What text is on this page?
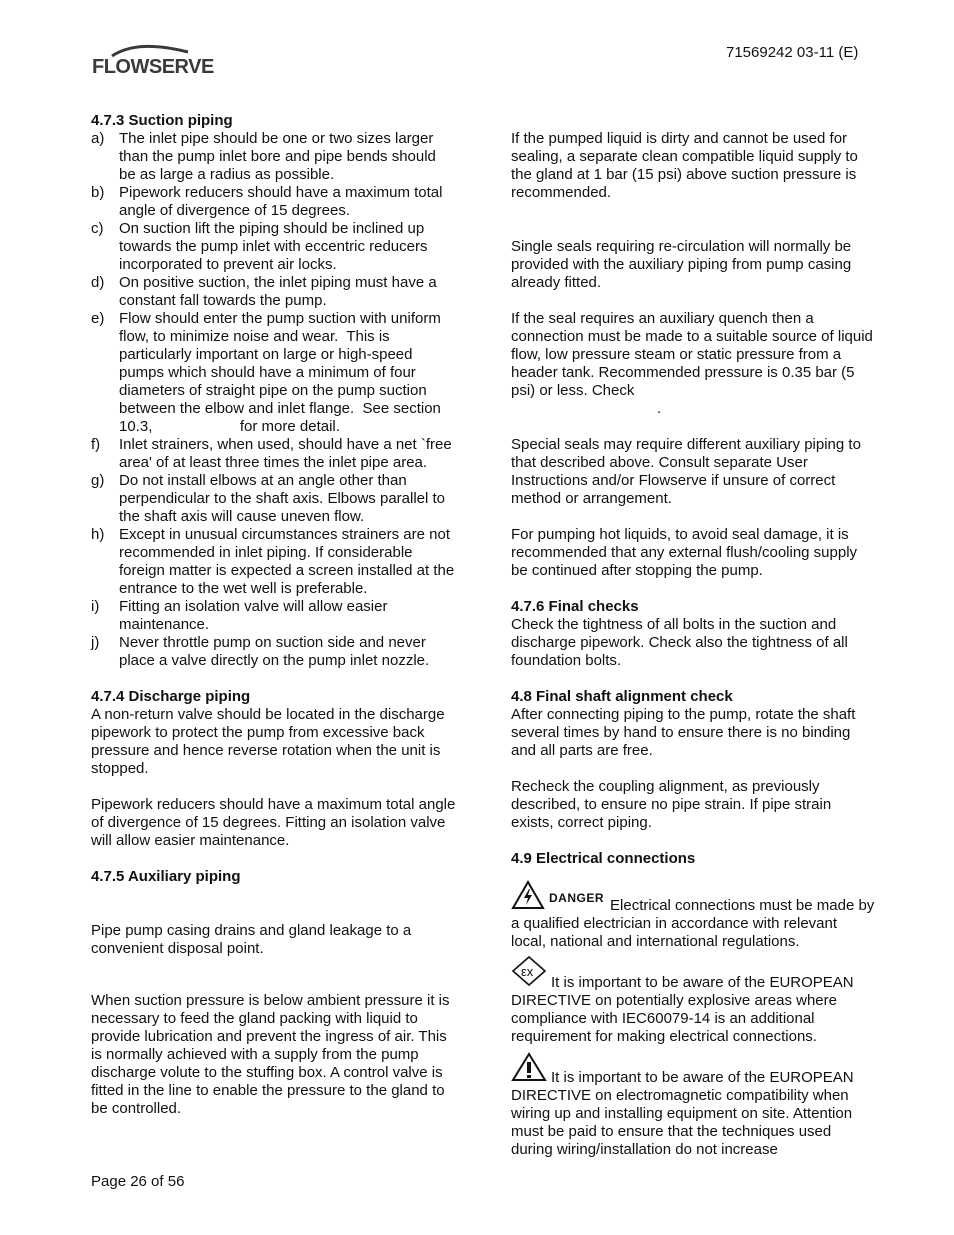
FLOWSERVE
71569242 03-11 (E)
4.7.3 Suction piping
a) The inlet pipe should be one or two sizes larger than the pump inlet bore and pipe bends should be as large a radius as possible.
b) Pipework reducers should have a maximum total angle of divergence of 15 degrees.
c) On suction lift the piping should be inclined up towards the pump inlet with eccentric reducers incorporated to prevent air locks.
d) On positive suction, the inlet piping must have a constant fall towards the pump.
e) Flow should enter the pump suction with uniform flow, to minimize noise and wear.  This is particularly important on large or high-speed pumps which should have a minimum of four diameters of straight pipe on the pump suction between the elbow and inlet flange.  See section 10.3,                     for more detail.
f) Inlet strainers, when used, should have a net `free area' of at least three times the inlet pipe area.
g) Do not install elbows at an angle other than perpendicular to the shaft axis. Elbows parallel to the shaft axis will cause uneven flow.
h) Except in unusual circumstances strainers are not recommended in inlet piping. If considerable foreign matter is expected a screen installed at the entrance to the wet well is preferable.
i) Fitting an isolation valve will allow easier maintenance.
j) Never throttle pump on suction side and never place a valve directly on the pump inlet nozzle.
4.7.4 Discharge piping

A non-return valve should be located in the discharge pipework to protect the pump from excessive back pressure and hence reverse rotation when the unit is stopped.

Pipework reducers should have a maximum total angle of divergence of 15 degrees. Fitting an isolation valve will allow easier maintenance.

4.7.5 Auxiliary piping

Pipe pump casing drains and gland leakage to a convenient disposal point.

When suction pressure is below ambient pressure it is necessary to feed the gland packing with liquid to provide lubrication and prevent the ingress of air. This is normally achieved with a supply from the pump discharge volute to the stuffing box. A control valve is fitted in the line to enable the pressure to the gland to be controlled.

If the pumped liquid is dirty and cannot be used for sealing, a separate clean compatible liquid supply to the gland at 1 bar (15 psi) above suction pressure is recommended.

Single seals requiring re-circulation will normally be provided with the auxiliary piping from pump casing already fitted.

If the seal requires an auxiliary quench then a connection must be made to a suitable source of liquid flow, low pressure steam or static pressure from a header tank. Recommended pressure is 0.35 bar (5 psi) or less. Check

.

Special seals may require different auxiliary piping to that described above. Consult separate User Instructions and/or Flowserve if unsure of correct method or arrangement.

For pumping hot liquids, to avoid seal damage, it is recommended that any external flush/cooling supply be continued after stopping the pump.

4.7.6 Final checks

Check the tightness of all bolts in the suction and discharge pipework. Check also the tightness of all foundation bolts.

4.8 Final shaft alignment check

After connecting piping to the pump, rotate the shaft several times by hand to ensure there is no binding and all parts are free.

Recheck the coupling alignment, as previously described, to ensure no pipe strain. If pipe strain exists, correct piping.

4.9 Electrical connections

$^{DANGER}$ Electrical connections must be made by a qualified electrician in accordance with relevant local, national and international regulations.

εx
It is important to be aware of the EUROPEAN DIRECTIVE on potentially explosive areas where compliance with IEC60079-14 is an additional requirement for making electrical connections.

It is important to be aware of the EUROPEAN DIRECTIVE on electromagnetic compatibility when wiring up and installing equipment on site. Attention must be paid to ensure that the techniques used during wiring/installation do not increase

Page 26 of 56
